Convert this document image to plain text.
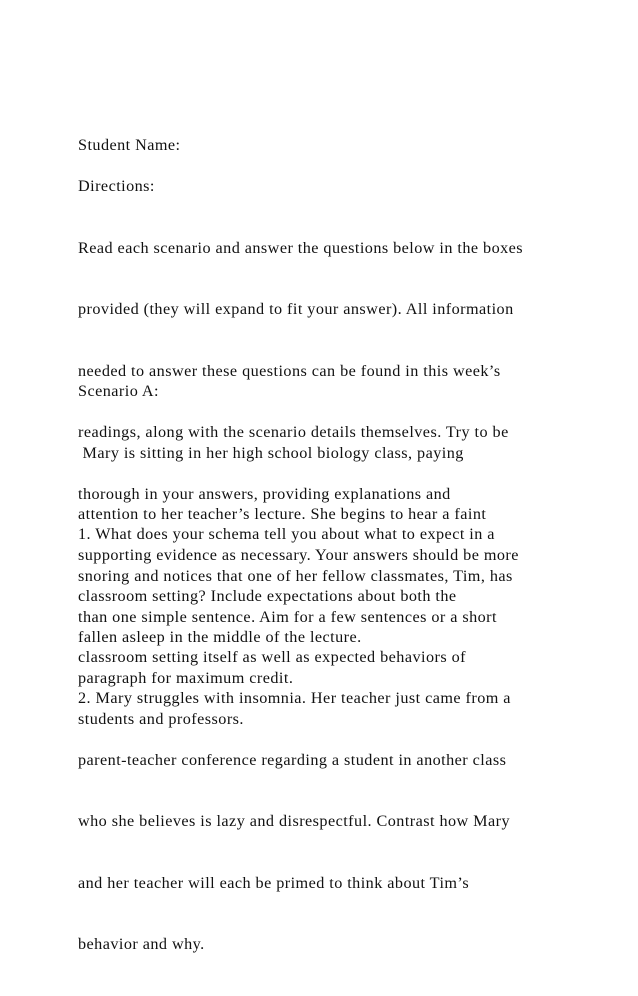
Student Name:

Directions:

Read each scenario and answer the questions below in the boxes

provided (they will expand to fit your answer). All information

needed to answer these questions can be found in this week’s

readings, along with the scenario details themselves. Try to be

thorough in your answers, providing explanations and

supporting evidence as necessary. Your answers should be more

than one simple sentence. Aim for a few sentences or a short

paragraph for maximum credit.

Scenario A:

Mary is sitting in her high school biology class, paying

attention to her teacher’s lecture. She begins to hear a faint

snoring and notices that one of her fellow classmates, Tim, has

fallen asleep in the middle of the lecture.

1. What does your schema tell you about what to expect in a

classroom setting? Include expectations about both the

classroom setting itself as well as expected behaviors of

students and professors.

2. Mary struggles with insomnia. Her teacher just came from a

parent-teacher conference regarding a student in another class

who she believes is lazy and disrespectful. Contrast how Mary

and her teacher will each be primed to think about Tim’s

behavior and why.
